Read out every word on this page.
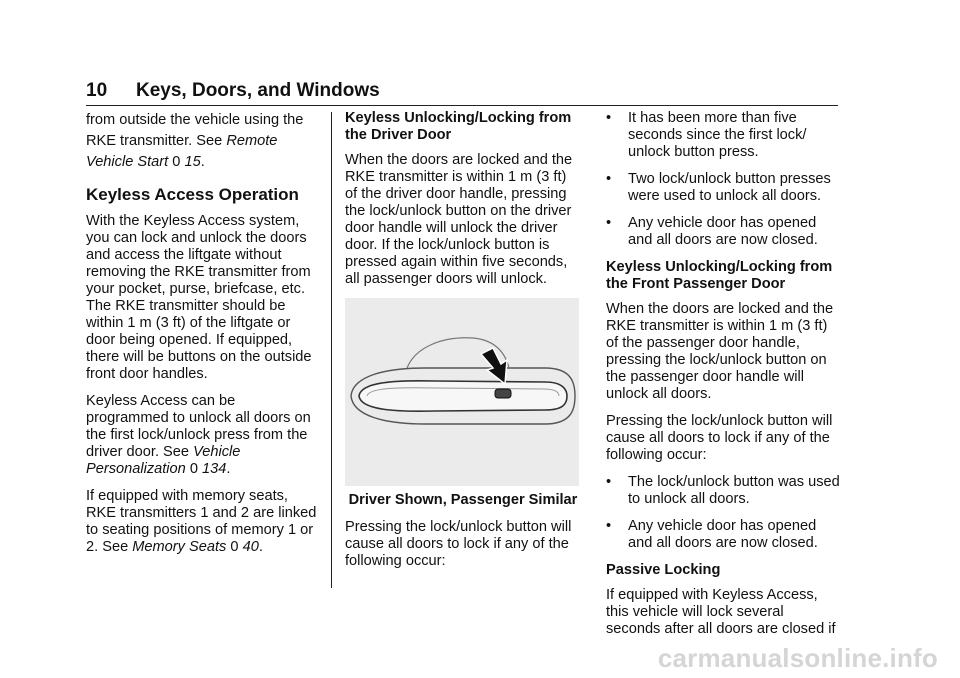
10 Keys, Doors, and Windows

from outside the vehicle using the

RKE transmitter. See Remote

Vehicle Start 0 15.

Keyless Access Operation

With the Keyless Access system, you can lock and unlock the doors and access the liftgate without removing the RKE transmitter from your pocket, purse, briefcase, etc. The RKE transmitter should be within 1 m (3 ft) of the liftgate or door being opened. If equipped, there will be buttons on the outside front door handles.

Keyless Access can be programmed to unlock all doors on the first lock/unlock press from the driver door. See Vehicle Personalization 0 134.

If equipped with memory seats, RKE transmitters 1 and 2 are linked to seating positions of memory 1 or 2. See Memory Seats 0 40.

Keyless Unlocking/Locking from the Driver Door

When the doors are locked and the RKE transmitter is within 1 m (3 ft) of the driver door handle, pressing the lock/unlock button on the driver door handle will unlock the driver door. If the lock/unlock button is pressed again within five seconds, all passenger doors will unlock.

Driver Shown, Passenger Similar

Pressing the lock/unlock button will cause all doors to lock if any of the following occur:

• It has been more than five seconds since the first lock/ unlock button press.
• Two lock/unlock button presses were used to unlock all doors.
• Any vehicle door has opened and all doors are now closed.
Keyless Unlocking/Locking from the Front Passenger Door

When the doors are locked and the RKE transmitter is within 1 m (3 ft) of the passenger door handle, pressing the lock/unlock button on the passenger door handle will unlock all doors.

Pressing the lock/unlock button will cause all doors to lock if any of the following occur:

• The lock/unlock button was used to unlock all doors.
• Any vehicle door has opened and all doors are now closed.
Passive Locking

If equipped with Keyless Access, this vehicle will lock several seconds after all doors are closed if

carmanualsonline.info
